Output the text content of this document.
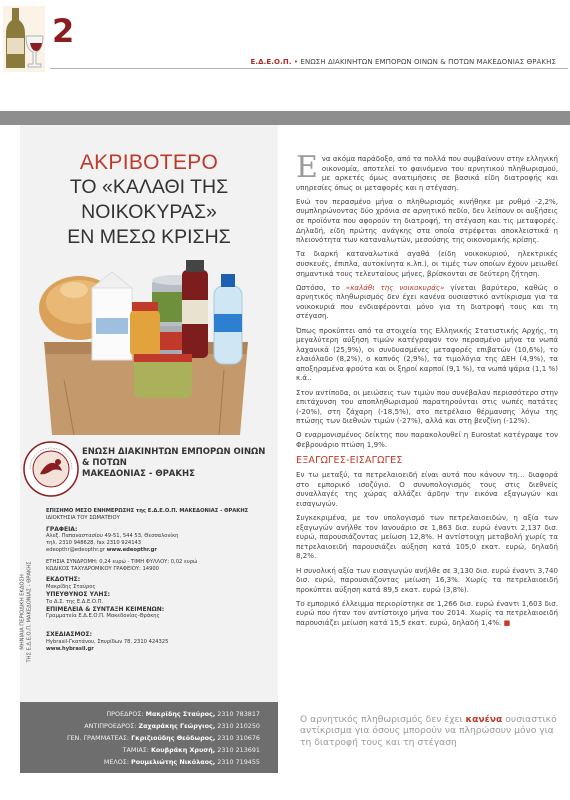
2
Ε.Δ.Ε.Ο.Π. • ΕΝΩΣΗ ΔΙΑΚΙΝΗΤΩΝ ΕΜΠΟΡΩΝ ΟΙΝΩΝ & ΠΟΤΩΝ ΜΑΚΕΔΟΝΙΑΣ ΘΡΑΚΗΣ
ΑΚΡΙΒΟΤΕΡΟ
ΤΟ «ΚΑΛΑΘΙ ΤΗΣ
ΝΟΙΚΟΚΥΡΑΣ»
ΕΝ ΜΕΣΩ ΚΡΙΣΗΣ
ΕΝΩΣΗ ΔΙΑΚΙΝΗΤΩΝ ΕΜΠΟΡΩΝ ΟΙΝΩΝ & ΠΟΤΩΝ
ΜΑΚΕΔΟΝΙΑΣ - ΘΡΑΚΗΣ
ΜΗΝΙΑΙΑ ΠΕΡΙΟΔΙΚΗ ΕΚΔΟΣΗ ΤΗΣ Ε.Δ.Ε.Ο.Π. ΜΑΚΕΔΟΝΙΑΣ - ΘΡΑΚΗΣ
ΕΠΙΣΗΜΟ ΜΕΣΟ ΕΝΗΜΕΡΩΣΗΣ της Ε.Δ.Ε.Ο.Π. ΜΑΚΕΔΟΝΙΑΣ - ΘΡΑΚΗΣ
ΙΔΙΟΚΤΗΣΙΑ ΤΟΥ ΣΩΜΑΤΕΙΟΥ
ΓΡΑΦΕΙΑ:
Αλεξ. Παπαναστασίου 49-51, 544 53, Θεσσαλονίκη
τηλ. 2310 948628, fax 2310 924143
edeopthr@edeopthr.gr www.edeopthr.gr
ΕΤΗΣΙΑ ΣΥΝΔΡΟΜΗ: 0,24 ευρώ - ΤΙΜΗ ΦΥΛΛΟΥ: 0,02 ευρώ
ΚΩΔΙΚΟΣ ΤΑΧΥΔΡΟΜΙΚΟΥ ΓΡΑΦΕΙΟΥ: 14900
ΕΚΔΟΤΗΣ:
Μακρίδης Σταύρος
ΥΠΕΥΘΥΝΟΣ ΥΛΗΣ:
Το Δ.Σ. της Ε.Δ.Ε.Ο.Π.
ΕΠΙΜΕΛΕΙΑ & ΣΥΝΤΑΞΗ ΚΕΙΜΕΝΩΝ:
Γραμματεία Ε.Δ.Ε.Ο.Π. Μακεδονίας-Θράκης
ΣΧΕΔΙΑΣΜΟΣ:
Hybrasil-Γκατάνου, Σπυρίδων 78, 2310 424325
www.hybrasil.gr
ΠΡΟΕΔΡΟΣ: Μακρίδης Σταύρος, 2310 783817
ΑΝΤΙΠΡΟΕΔΡΟΣ: Ζαχαράκης Γεώργιος, 2310 210250
ΓΕΝ. ΓΡΑΜΜΑΤΕΑΣ: Γκριζιούδης Θεόδωρος, 2310 310676
ΤΑΜΙΑΣ: Κουβράκη Χρυσή, 2310 213691
ΜΕΛΟΣ: Ρουμελιώτης Νικόλαος, 2310 719455

Ενα ακόμα παράδοξο, από τα πολλά που συμβαίνουν στην ελληνική οικονομία, αποτελεί το φαινόμενο του αρνητικού πληθωρισμού, με αρκετές όμως ανατιμήσεις σε βασικά είδη διατροφής και υπηρεσίες όπως οι μεταφορές και η στέγαση.

Ενώ τον περασμένο μήνα ο πληθωρισμός κινήθηκε με ρυθμό -2,2%, συμπληρώνοντας δύο χρόνια σε αρνητικό πεδίο, δεν λείπουν οι αυξήσεις σε προϊόντα που αφορούν τη διατροφή, τη στέγαση και τις μεταφορές. Δηλαδή, είδη πρώτης ανάγκης στα οποία στρέφεται αποκλειστικά η πλειονότητα των καταναλωτών, μεσούσης της οικονομικής κρίσης.

Τα διαρκή καταναλωτικά αγαθά (είδη νοικοκυριού, ηλεκτρικές συσκευές, έπιπλα, αυτοκίνητα κ.λπ.), οι τιμές των οποίων έχουν μειωθεί σημαντικά τους τελευταίους μήνες, βρίσκονται σε δεύτερη ζήτηση.

Ωστόσο, το «καλάθι της νοικοκυράς» γίνεται βαρύτερο, καθώς ο αρνητικός πληθωρισμός δεν έχει κανένα ουσιαστικό αντίκρισμα για τα νοικοκυριά που ενδιαφέρονται μόνο για τη διατροφή τους και τη στέγαση.

Όπως προκύπτει από τα στοιχεία της Ελληνικής Στατιστικής Αρχής, τη μεγαλύτερη αύξηση τιμών κατέγραψαν τον περασμένο μήνα τα νωπά λαχανικά (25,9%), οι συνδυασμένες μεταφορές επιβατών (10,6%), το ελαιόλαδο (8,2%), ο καπνός (2,9%), τα τιμολόγια της ΔΕΗ (4,9%), τα αποξηραμένα φρούτα και οι ξηροί καρποί (9,1 %), τα νωπά ψάρια (1,1 %) κ.ά..

Στον αντίποδα, οι μειώσεις των τιμών που συνέβαλαν περισσότερο στην επιτάχυνση του αποπληθωρισμού παρατηρούνται στις νωπές πατάτες (-20%), στη ζάχαρη (-18,5%), στο πετρέλαιο θέρμανσης λόγω της πτώσης των διεθνών τιμών (-27%), αλλά και στη βενζίνη (-12%).

Ο εναρμονισμένος δείκτης που παρακολουθεί η Eurostat κατέγραψε τον Φεβρουάριο πτώση 1,9%.

ΕΞΑΓΩΓΕΣ-ΕΙΣΑΓΩΓΕΣ

Εν τω μεταξύ, τα πετρελαιοειδή είναι αυτά που κάνουν τη… διαφορά στο εμπορικό ισοζύγιο. Ο συνυπολογισμός τους στις διεθνείς συναλλαγές της χώρας αλλάζει άρδην την εικόνα εξαγωγών και εισαγωγών.

Συγκεκριμένα, με τον υπολογισμό των πετρελαιοειδών, η αξία των εξαγωγών ανήλθε τον Ιανουάριο σε 1,863 δισ. ευρώ έναντι 2,137 δισ. ευρώ, παρουσιάζοντας μείωση 12,8%. Η αντίστοιχη μεταβολή χωρίς τα πετρελαιοειδή παρουσιάζει αύξηση κατά 105,0 εκατ. ευρώ, δηλαδή 8,2%.

Η συνολική αξία των εισαγωγών ανήλθε σε 3,130 δισ. ευρώ έναντι 3,740 δισ. ευρώ, παρουσιάζοντας μείωση 16,3%. Χωρίς τα πετρελαιοειδή προκύπτει αύξηση κατά 89,5 εκατ. ευρώ (3,8%).

Το εμπορικό έλλειμμα περιορίστηκε σε 1,266 δισ. ευρώ έναντι 1,603 δισ. ευρώ που ήταν τον αντίστοιχο μήνα του 2014. Χωρίς τα πετρελαιοειδή παρουσιάζει μείωση κατά 15,5 εκατ. ευρώ, δηλαδή 1,4%. ■

Ο αρνητικός πληθωρισμός δεν έχει κανένα ουσιαστικό αντίκρισμα για όσους μπορούν να πληρώσουν μόνο για τη διατροφή τους και τη στέγαση
